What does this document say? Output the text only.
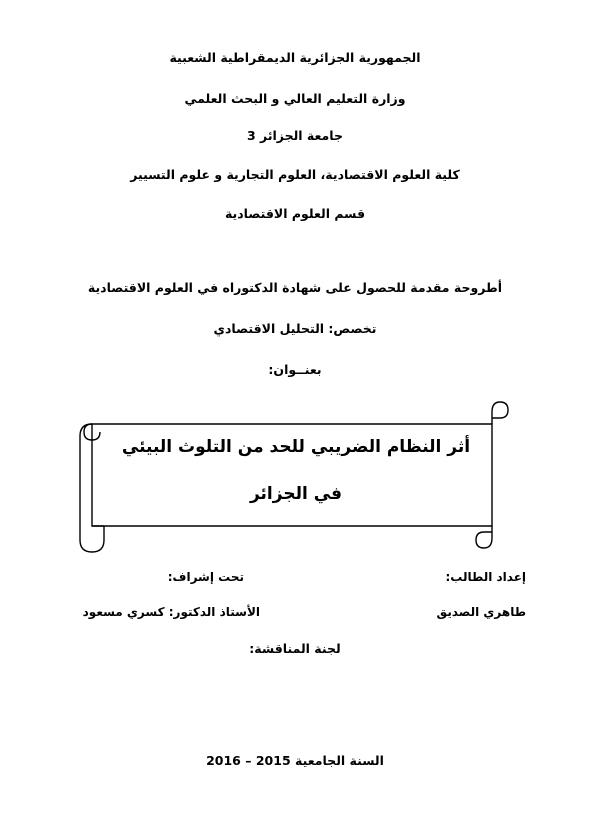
الجمهورية الجزائرية الديمقراطية الشعبية
وزارة التعليم العالي و البحث العلمي
جامعة الجزائر 3
كلية العلوم الاقتصادية، العلوم التجارية و علوم التسيير
قسم العلوم الاقتصادية
أطروحة مقدمة للحصول على شهادة الدكتوراه في العلوم الاقتصادية
تخصص: التحليل الاقتصادي
بعنــوان:
أثر النظام الضريبي للحد من التلوث البيئي
في الجزائر
إعداد الطالب:
تحت إشراف:
طاهري الصديق
الأستاذ الدكتور: كسري مسعود
لجنة المناقشة:
السنة الجامعية 2015 – 2016
